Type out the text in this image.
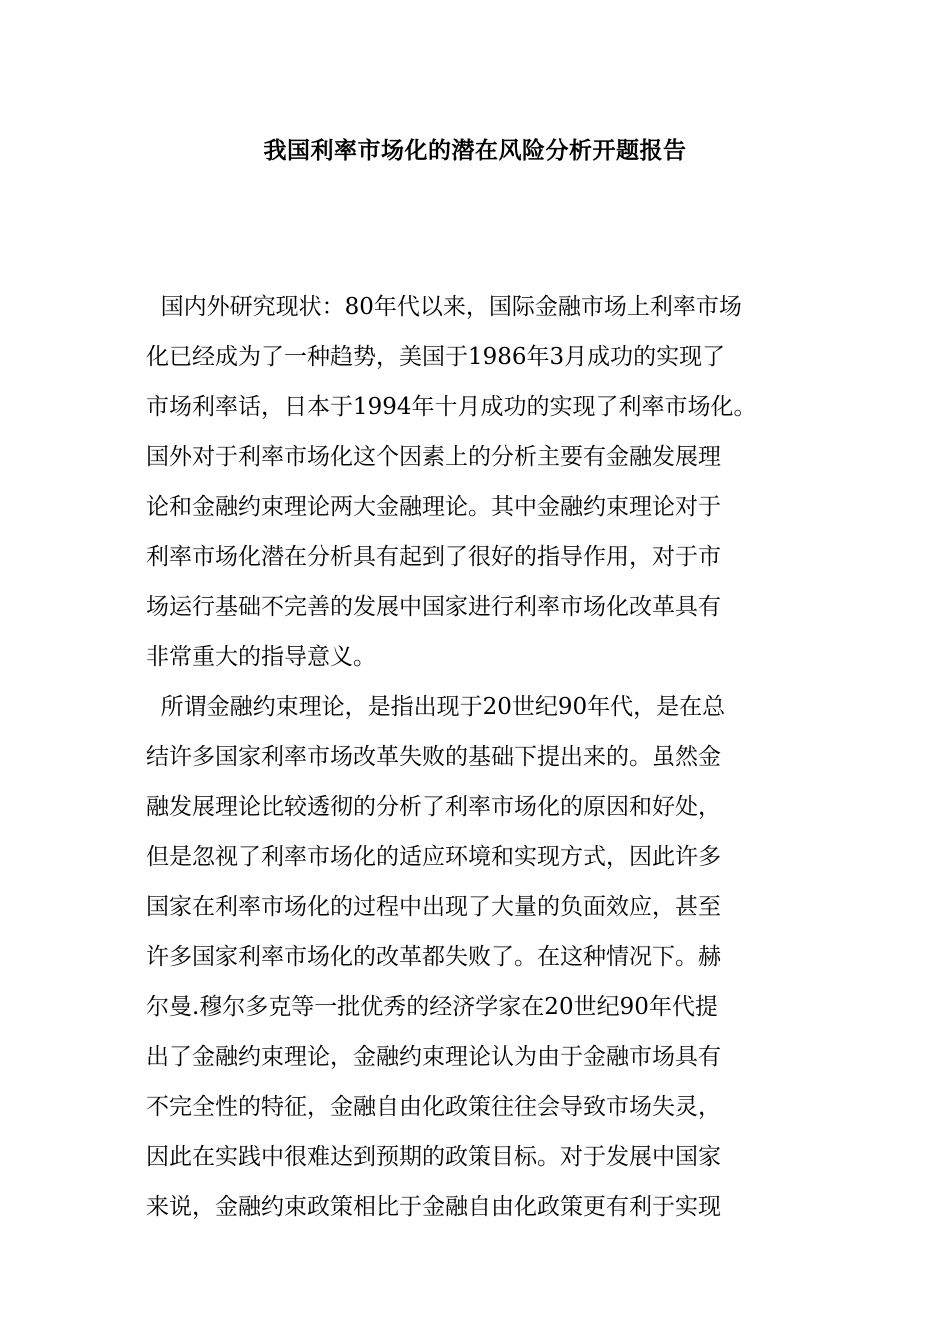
我国利率市场化的潜在风险分析开题报告
国内外研究现状：80年代以来，国际金融市场上利率市场
化已经成为了一种趋势，美国于1986年3月成功的实现了
市场利率话，日本于1994年十月成功的实现了利率市场化。
国外对于利率市场化这个因素上的分析主要有金融发展理
论和金融约束理论两大金融理论。其中金融约束理论对于
利率市场化潜在分析具有起到了很好的指导作用，对于市
场运行基础不完善的发展中国家进行利率市场化改革具有
非常重大的指导意义。
所谓金融约束理论，是指出现于20世纪90年代，是在总
结许多国家利率市场改革失败的基础下提出来的。虽然金
融发展理论比较透彻的分析了利率市场化的原因和好处，
但是忽视了利率市场化的适应环境和实现方式，因此许多
国家在利率市场化的过程中出现了大量的负面效应，甚至
许多国家利率市场化的改革都失败了。在这种情况下。赫
尔曼.穆尔多克等一批优秀的经济学家在20世纪90年代提
出了金融约束理论，金融约束理论认为由于金融市场具有
不完全性的特征，金融自由化政策往往会导致市场失灵，
因此在实践中很难达到预期的政策目标。对于发展中国家
来说，金融约束政策相比于金融自由化政策更有利于实现
